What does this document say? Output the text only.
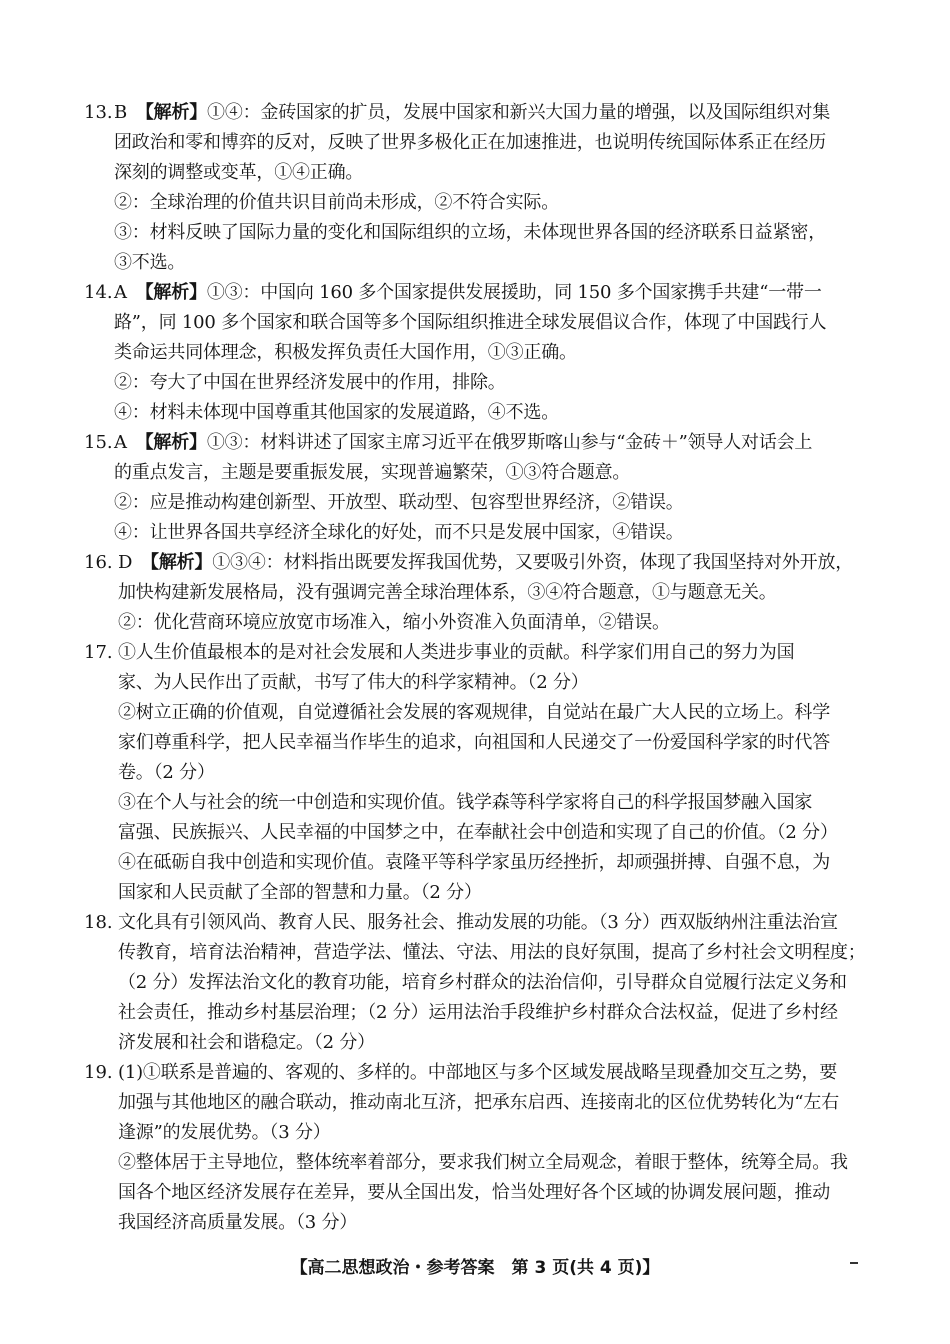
13. B  【解析】①④：金砖国家的扩员，发展中国家和新兴大国力量的增强，以及国际组织对集
团政治和零和博弈的反对，反映了世界多极化正在加速推进，也说明传统国际体系正在经历
深刻的调整或变革，①④正确。
②：全球治理的价值共识目前尚未形成，②不符合实际。
③：材料反映了国际力量的变化和国际组织的立场，未体现世界各国的经济联系日益紧密，
③不选。
14. A  【解析】①③：中国向 160 多个国家提供发展援助，同 150 多个国家携手共建“一带一
路”，同 100 多个国家和联合国等多个国际组织推进全球发展倡议合作，体现了中国践行人
类命运共同体理念，积极发挥负责任大国作用，①③正确。
②：夸大了中国在世界经济发展中的作用，排除。
④：材料未体现中国尊重其他国家的发展道路，④不选。
15. A  【解析】①③：材料讲述了国家主席习近平在俄罗斯喀山参与“金砖＋”领导人对话会上
的重点发言，主题是要重振发展，实现普遍繁荣，①③符合题意。
②：应是推动构建创新型、开放型、联动型、包容型世界经济，②错误。
④：让世界各国共享经济全球化的好处，而不只是发展中国家，④错误。
16. D  【解析】①③④：材料指出既要发挥我国优势，又要吸引外资，体现了我国坚持对外开放，
加快构建新发展格局，没有强调完善全球治理体系，③④符合题意，①与题意无关。
②：优化营商环境应放宽市场准入，缩小外资准入负面清单，②错误。
17. ①人生价值最根本的是对社会发展和人类进步事业的贡献。科学家们用自己的努力为国
家、为人民作出了贡献，书写了伟大的科学家精神。（2 分）
②树立正确的价值观，自觉遵循社会发展的客观规律，自觉站在最广大人民的立场上。科学
家们尊重科学，把人民幸福当作毕生的追求，向祖国和人民递交了一份爱国科学家的时代答
卷。（2 分）
③在个人与社会的统一中创造和实现价值。钱学森等科学家将自己的科学报国梦融入国家
富强、民族振兴、人民幸福的中国梦之中，在奉献社会中创造和实现了自己的价值。（2 分）
④在砥砺自我中创造和实现价值。袁隆平等科学家虽历经挫折，却顽强拼搏、自强不息，为
国家和人民贡献了全部的智慧和力量。（2 分）
18. 文化具有引领风尚、教育人民、服务社会、推动发展的功能。（3 分）西双版纳州注重法治宣
传教育，培育法治精神，营造学法、懂法、守法、用法的良好氛围，提高了乡村社会文明程度；
（2 分）发挥法治文化的教育功能，培育乡村群众的法治信仰，引导群众自觉履行法定义务和
社会责任，推动乡村基层治理；（2 分）运用法治手段维护乡村群众合法权益，促进了乡村经
济发展和社会和谐稳定。（2 分）
19. (1)①联系是普遍的、客观的、多样的。中部地区与多个区域发展战略呈现叠加交互之势，要
加强与其他地区的融合联动，推动南北互济，把承东启西、连接南北的区位优势转化为“左右
逢源”的发展优势。（3 分）
②整体居于主导地位，整体统率着部分，要求我们树立全局观念，着眼于整体，统筹全局。我
国各个地区经济发展存在差异，要从全国出发，恰当处理好各个区域的协调发展问题，推动
我国经济高质量发展。（3 分）
【高二思想政治・参考答案　第 3 页(共 4 页)】
